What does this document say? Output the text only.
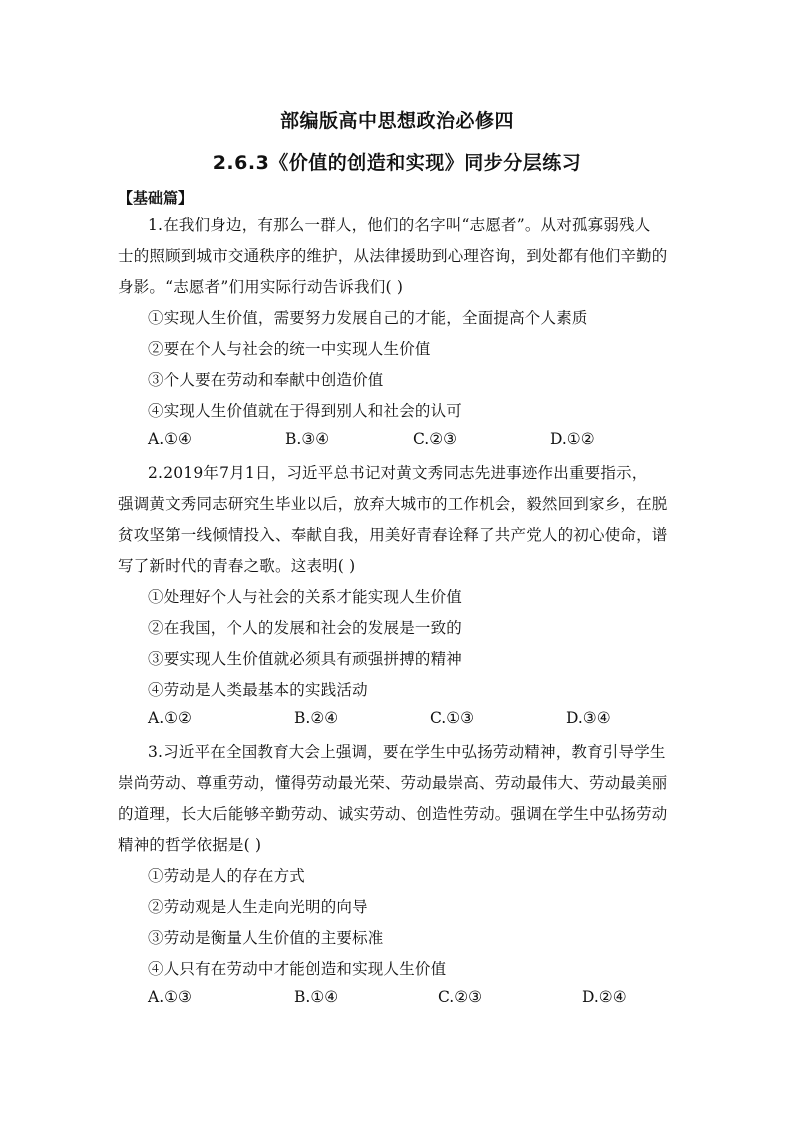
部编版高中思想政治必修四
2.6.3《价值的创造和实现》同步分层练习
【基础篇】
1.在我们身边，有那么一群人，他们的名字叫“志愿者”。从对孤寡弱残人
士的照顾到城市交通秩序的维护，从法律援助到心理咨询，到处都有他们辛勤的
身影。“志愿者”们用实际行动告诉我们( )
①实现人生价值，需要努力发展自己的才能，全面提高个人素质
②要在个人与社会的统一中实现人生价值
③个人要在劳动和奉献中创造价值
④实现人生价值就在于得到别人和社会的认可
A.①④	B.③④	C.②③	D.①②
2.2019年7月1日，习近平总书记对黄文秀同志先进事迹作出重要指示，
强调黄文秀同志研究生毕业以后，放弃大城市的工作机会，毅然回到家乡，在脱
贫攻坚第一线倾情投入、奉献自我，用美好青春诠释了共产党人的初心使命，谱
写了新时代的青春之歌。这表明( )
①处理好个人与社会的关系才能实现人生价值
②在我国，个人的发展和社会的发展是一致的
③要实现人生价值就必须具有顽强拼搏的精神
④劳动是人类最基本的实践活动
A.①②	B.②④	C.①③	D.③④
3.习近平在全国教育大会上强调，要在学生中弘扬劳动精神，教育引导学生
崇尚劳动、尊重劳动，懂得劳动最光荣、劳动最崇高、劳动最伟大、劳动最美丽
的道理，长大后能够辛勤劳动、诚实劳动、创造性劳动。强调在学生中弘扬劳动
精神的哲学依据是( )
①劳动是人的存在方式
②劳动观是人生走向光明的向导
③劳动是衡量人生价值的主要标准
④人只有在劳动中才能创造和实现人生价值
A.①③	B.①④	C.②③	D.②④
